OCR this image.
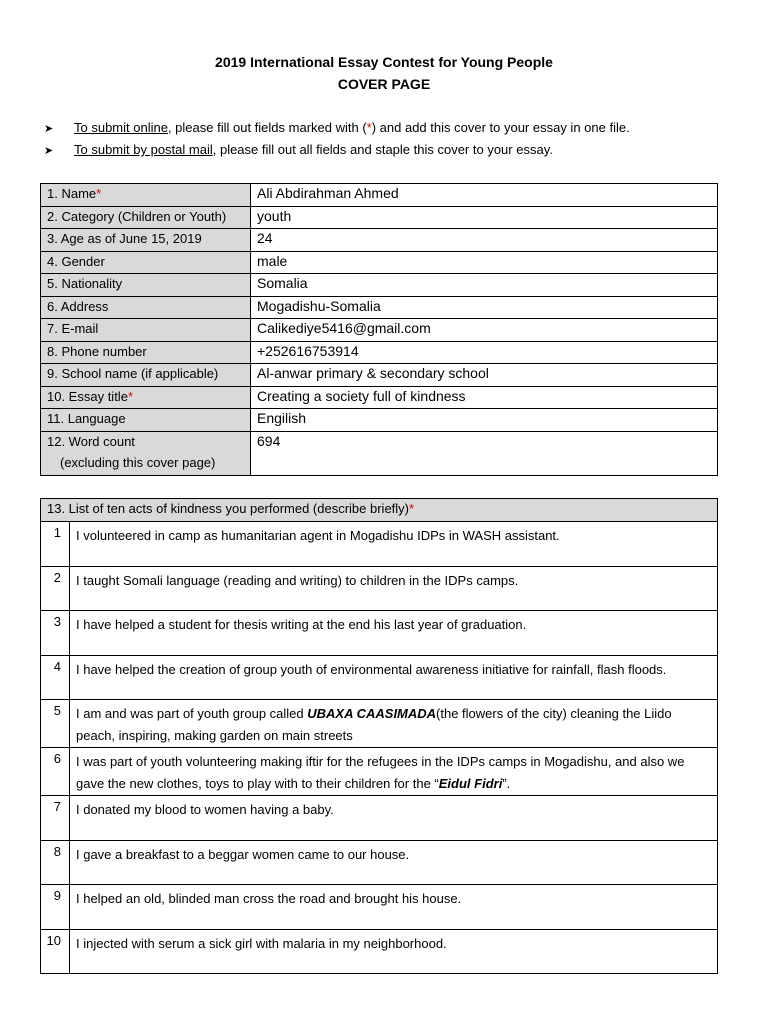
2019 International Essay Contest for Young People
COVER PAGE
➤ To submit online, please fill out fields marked with (*) and add this cover to your essay in one file.
➤ To submit by postal mail, please fill out all fields and staple this cover to your essay.
1. Name*	Ali Abdirahman Ahmed
2. Category (Children or Youth)	youth
3. Age as of June 15, 2019	24
4. Gender	male
5. Nationality	Somalia
6. Address	Mogadishu-Somalia
7. E-mail	Calikediye5416@gmail.com
8. Phone number	+252616753914
9. School name (if applicable)	Al-anwar primary & secondary school
10. Essay title*	Creating a society full of kindness
11. Language	Engilish
12. Word count
(excluding this cover page)	694
13. List of ten acts of kindness you performed (describe briefly)*	
1	I volunteered in camp as humanitarian agent in Mogadishu IDPs in WASH assistant.
2	I taught Somali language (reading and writing) to children in the IDPs camps.
3	I have helped a student for thesis writing at the end his last year of graduation.
4	I have helped the creation of group youth of environmental awareness initiative for rainfall, flash floods.
5	I am and was part of youth group called UBAXA CAASIMADA(the flowers of the city) cleaning the Liido peach, inspiring, making garden on main streets
6	I was part of youth volunteering making iftir for the refugees in the IDPs camps in Mogadishu, and also we gave the new clothes, toys to play with to their children for the “Eidul Fidri”.
7	I donated my blood to women having a baby.
8	I gave a breakfast to a beggar women came to our house.
9	I helped an old, blinded man cross the road and brought his house.
10	I injected with serum a sick girl with malaria in my neighborhood.
